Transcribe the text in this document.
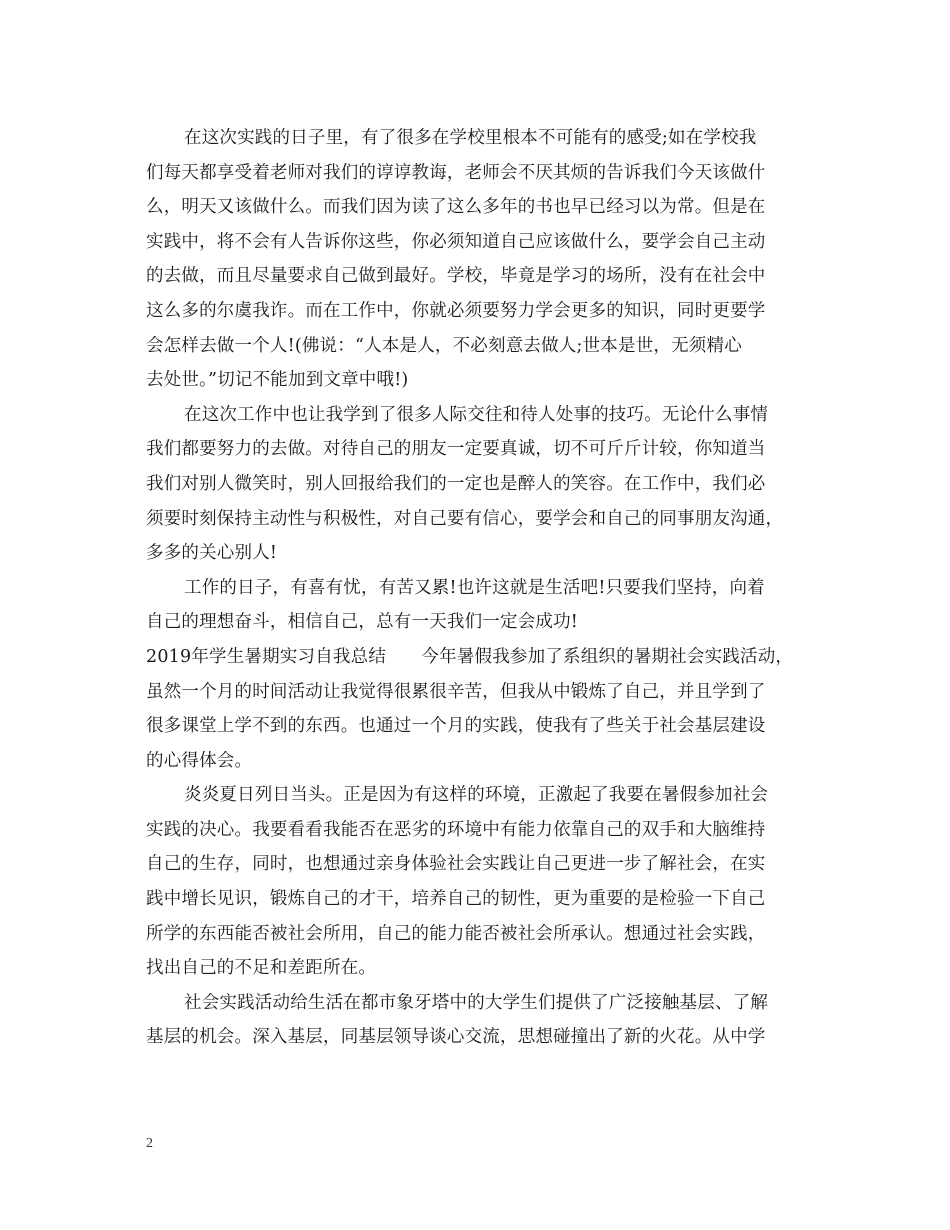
在这次实践的日子里，有了很多在学校里根本不可能有的感受;如在学校我
们每天都享受着老师对我们的谆谆教诲，老师会不厌其烦的告诉我们今天该做什
么，明天又该做什么。而我们因为读了这么多年的书也早已经习以为常。但是在
实践中，将不会有人告诉你这些，你必须知道自己应该做什么，要学会自己主动
的去做，而且尽量要求自己做到最好。学校，毕竟是学习的场所，没有在社会中
这么多的尔虞我诈。而在工作中，你就必须要努力学会更多的知识，同时更要学
会怎样去做一个人!(佛说：“人本是人，不必刻意去做人;世本是世，无须精心
去处世。”切记不能加到文章中哦!)
在这次工作中也让我学到了很多人际交往和待人处事的技巧。无论什么事情
我们都要努力的去做。对待自己的朋友一定要真诚，切不可斤斤计较，你知道当
我们对别人微笑时，别人回报给我们的一定也是醉人的笑容。在工作中，我们必
须要时刻保持主动性与积极性，对自己要有信心，要学会和自己的同事朋友沟通，
多多的关心别人!
工作的日子，有喜有忧，有苦又累!也许这就是生活吧!只要我们坚持，向着
自己的理想奋斗，相信自己，总有一天我们一定会成功!
2019年学生暑期实习自我总结　　今年暑假我参加了系组织的暑期社会实践活动，
虽然一个月的时间活动让我觉得很累很辛苦，但我从中锻炼了自己，并且学到了
很多课堂上学不到的东西。也通过一个月的实践，使我有了些关于社会基层建设
的心得体会。
炎炎夏日列日当头。正是因为有这样的环境，正激起了我要在暑假参加社会
实践的决心。我要看看我能否在恶劣的环境中有能力依靠自己的双手和大脑维持
自己的生存，同时，也想通过亲身体验社会实践让自己更进一步了解社会，在实
践中增长见识，锻炼自己的才干，培养自己的韧性，更为重要的是检验一下自己
所学的东西能否被社会所用，自己的能力能否被社会所承认。想通过社会实践，
找出自己的不足和差距所在。
社会实践活动给生活在都市象牙塔中的大学生们提供了广泛接触基层、了解
基层的机会。深入基层，同基层领导谈心交流，思想碰撞出了新的火花。从中学
2
